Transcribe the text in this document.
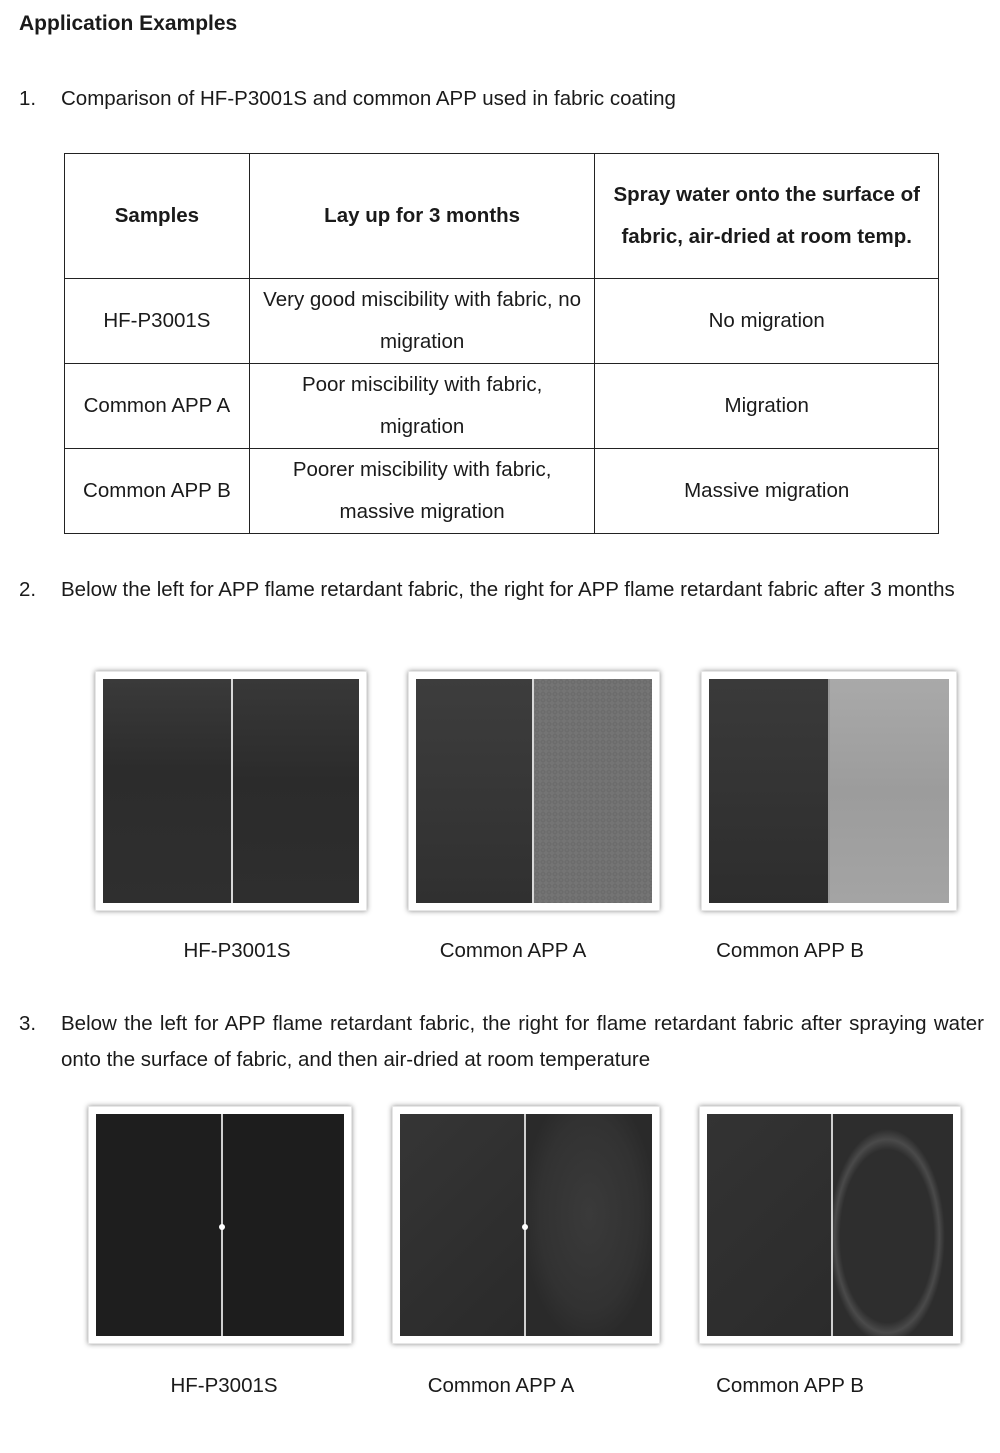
Application Examples
1. Comparison of HF-P3001S and common APP used in fabric coating
Samples	Lay up for 3 months	Spray water onto the surface of fabric, air-dried at room temp.
HF-P3001S	Very good miscibility with fabric, no migration	No migration
Common APP A	Poor miscibility with fabric, migration	Migration
Common APP B	Poorer miscibility with fabric, massive migration	Massive migration
2. Below the left for APP flame retardant fabric, the right for APP flame retardant fabric after 3 months
HF-P3001S	Common APP A	Common APP B
3. Below the left for APP flame retardant fabric, the right for flame retardant fabric after spraying water onto the surface of fabric, and then air-dried at room temperature
HF-P3001S	Common APP A	Common APP B
